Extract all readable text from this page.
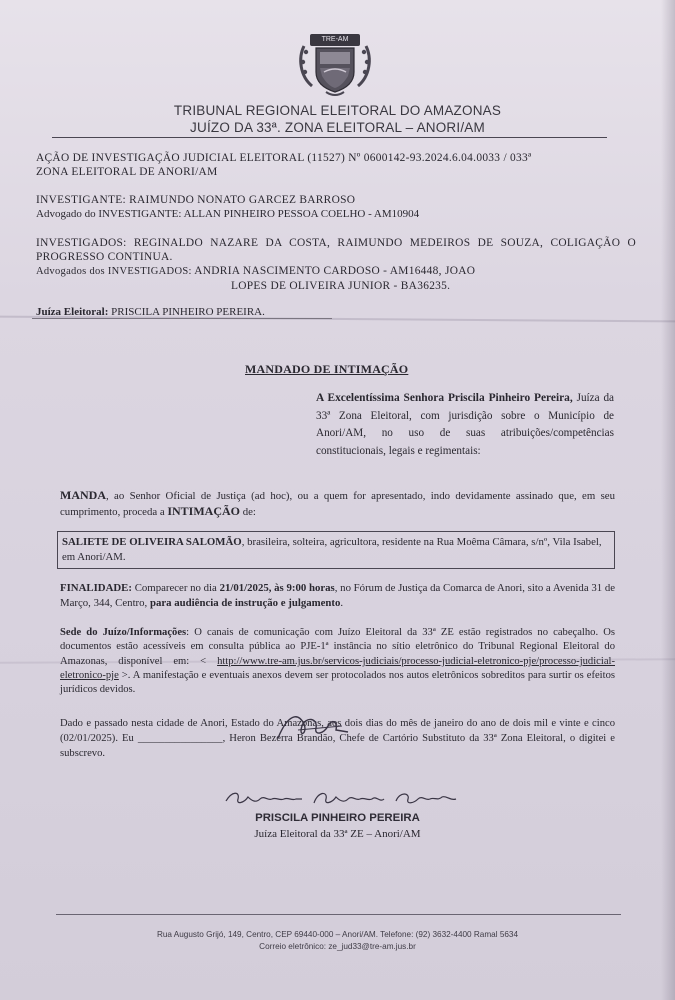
TRE-AM
TRIBUNAL REGIONAL ELEITORAL DO AMAZONAS
JUÍZO DA 33ª. ZONA ELEITORAL – ANORI/AM
AÇÃO DE INVESTIGAÇÃO JUDICIAL ELEITORAL (11527) Nº 0600142-93.2024.6.04.0033 / 033ª
ZONA ELEITORAL DE ANORI/AM
INVESTIGANTE: RAIMUNDO NONATO GARCEZ BARROSO
Advogado do INVESTIGANTE: ALLAN PINHEIRO PESSOA COELHO - AM10904
INVESTIGADOS: REGINALDO NAZARE DA COSTA, RAIMUNDO MEDEIROS DE SOUZA, COLIGAÇÃO O PROGRESSO CONTINUA.
Advogados dos INVESTIGADOS: ANDRIA NASCIMENTO CARDOSO - AM16448, JOAO
LOPES DE OLIVEIRA JUNIOR - BA36235.
Juíza Eleitoral: PRISCILA PINHEIRO PEREIRA.
MANDADO DE INTIMAÇÃO
A Excelentíssima Senhora Priscila Pinheiro Pereira, Juíza da 33ª Zona Eleitoral, com jurisdição sobre o Município de Anori/AM, no uso de suas atribuições/competências constitucionais, legais e regimentais:
MANDA, ao Senhor Oficial de Justiça (ad hoc), ou a quem for apresentado, indo devidamente assinado que, em seu cumprimento, proceda a INTIMAÇÃO de:
SALIETE DE OLIVEIRA SALOMÃO, brasileira, solteira, agricultora, residente na Rua Moêma Câmara, s/nº, Vila Isabel, em Anori/AM.
FINALIDADE: Comparecer no dia 21/01/2025, às 9:00 horas, no Fórum de Justiça da Comarca de Anori, sito a Avenida 31 de Março, 344, Centro, para audiência de instrução e julgamento.
Sede do Juízo/Informações: O canais de comunicação com Juízo Eleitoral da 33ª ZE estão registrados no cabeçalho. Os documentos estão acessíveis em consulta pública ao PJE-1ª instância no sítio eletrônico do Tribunal Regional Eleitoral do Amazonas, disponível em: < http://www.tre-am.jus.br/servicos-judiciais/processo-judicial-eletronico-pje/processo-judicial-eletronico-pje >. A manifestação e eventuais anexos devem ser protocolados nos autos eletrônicos sobreditos para surtir os efeitos jurídicos devidos.
Dado e passado nesta cidade de Anori, Estado do Amazonas, aos dois dias do mês de janeiro do ano de dois mil e vinte e cinco (02/01/2025). Eu ________________, Heron Bezerra Brandão, Chefe de Cartório Substituto da 33ª Zona Eleitoral, o digitei e subscrevo.
PRISCILA PINHEIRO PEREIRA
Juíza Eleitoral da 33ª ZE – Anori/AM
Rua Augusto Grijó, 149, Centro, CEP 69440-000 – Anori/AM. Telefone: (92) 3632-4400 Ramal 5634
Correio eletrônico: ze_jud33@tre-am.jus.br
